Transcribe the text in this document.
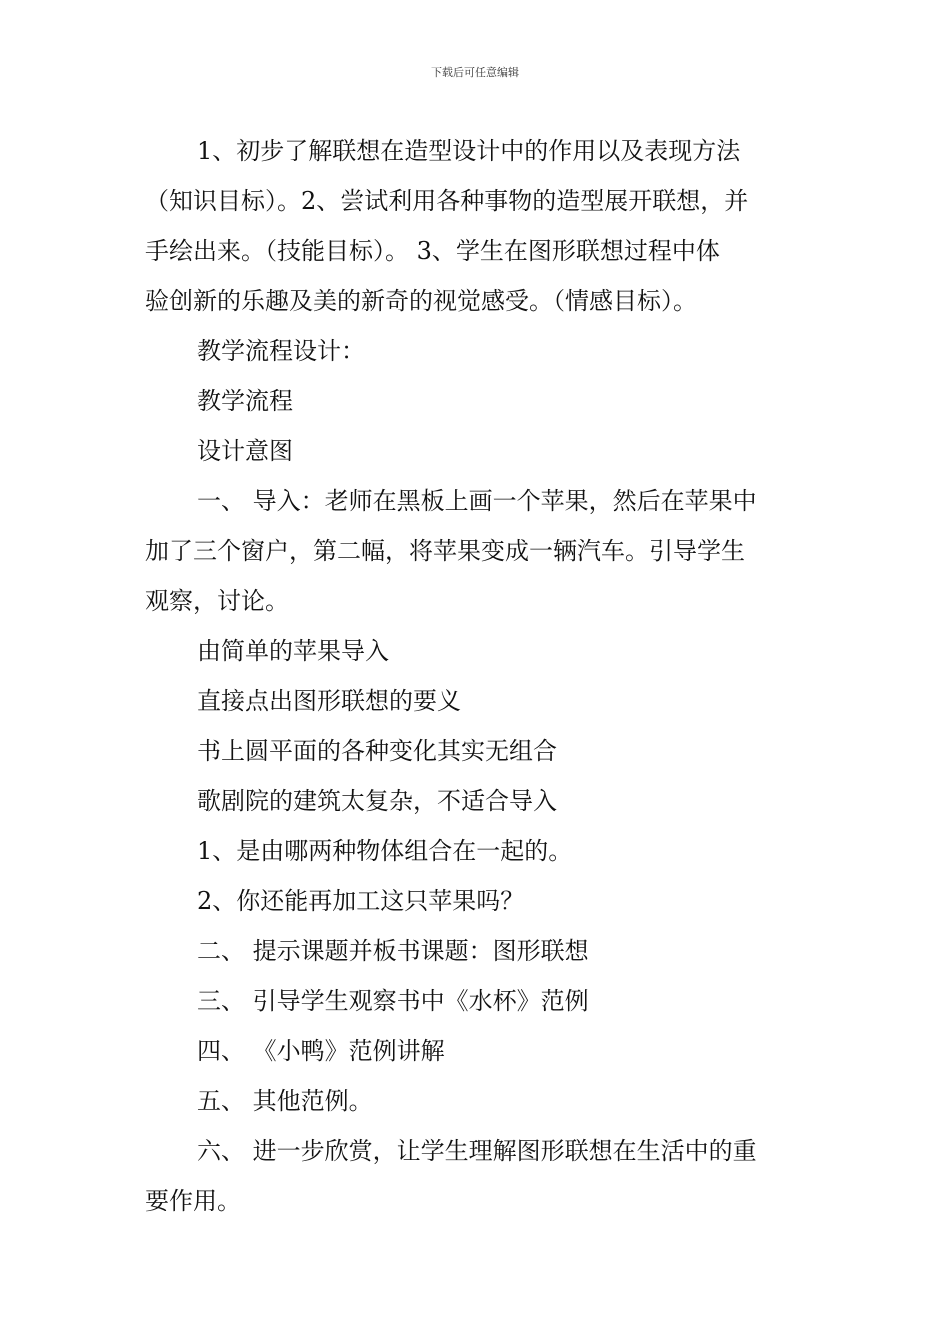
下载后可任意编辑
1、初步了解联想在造型设计中的作用以及表现方法
（知识目标）。2、尝试利用各种事物的造型展开联想，并
手绘出来。（技能目标）。 3、学生在图形联想过程中体
验创新的乐趣及美的新奇的视觉感受。（情感目标）。
教学流程设计：
教学流程
设计意图
一、 导入：老师在黑板上画一个苹果，然后在苹果中
加了三个窗户，第二幅，将苹果变成一辆汽车。引导学生
观察，讨论。
由简单的苹果导入
直接点出图形联想的要义
书上圆平面的各种变化其实无组合
歌剧院的建筑太复杂，不适合导入
1、是由哪两种物体组合在一起的。
2、你还能再加工这只苹果吗？
二、 提示课题并板书课题：图形联想
三、 引导学生观察书中《水杯》范例
四、 《小鸭》范例讲解
五、 其他范例。
六、 进一步欣赏，让学生理解图形联想在生活中的重
要作用。
